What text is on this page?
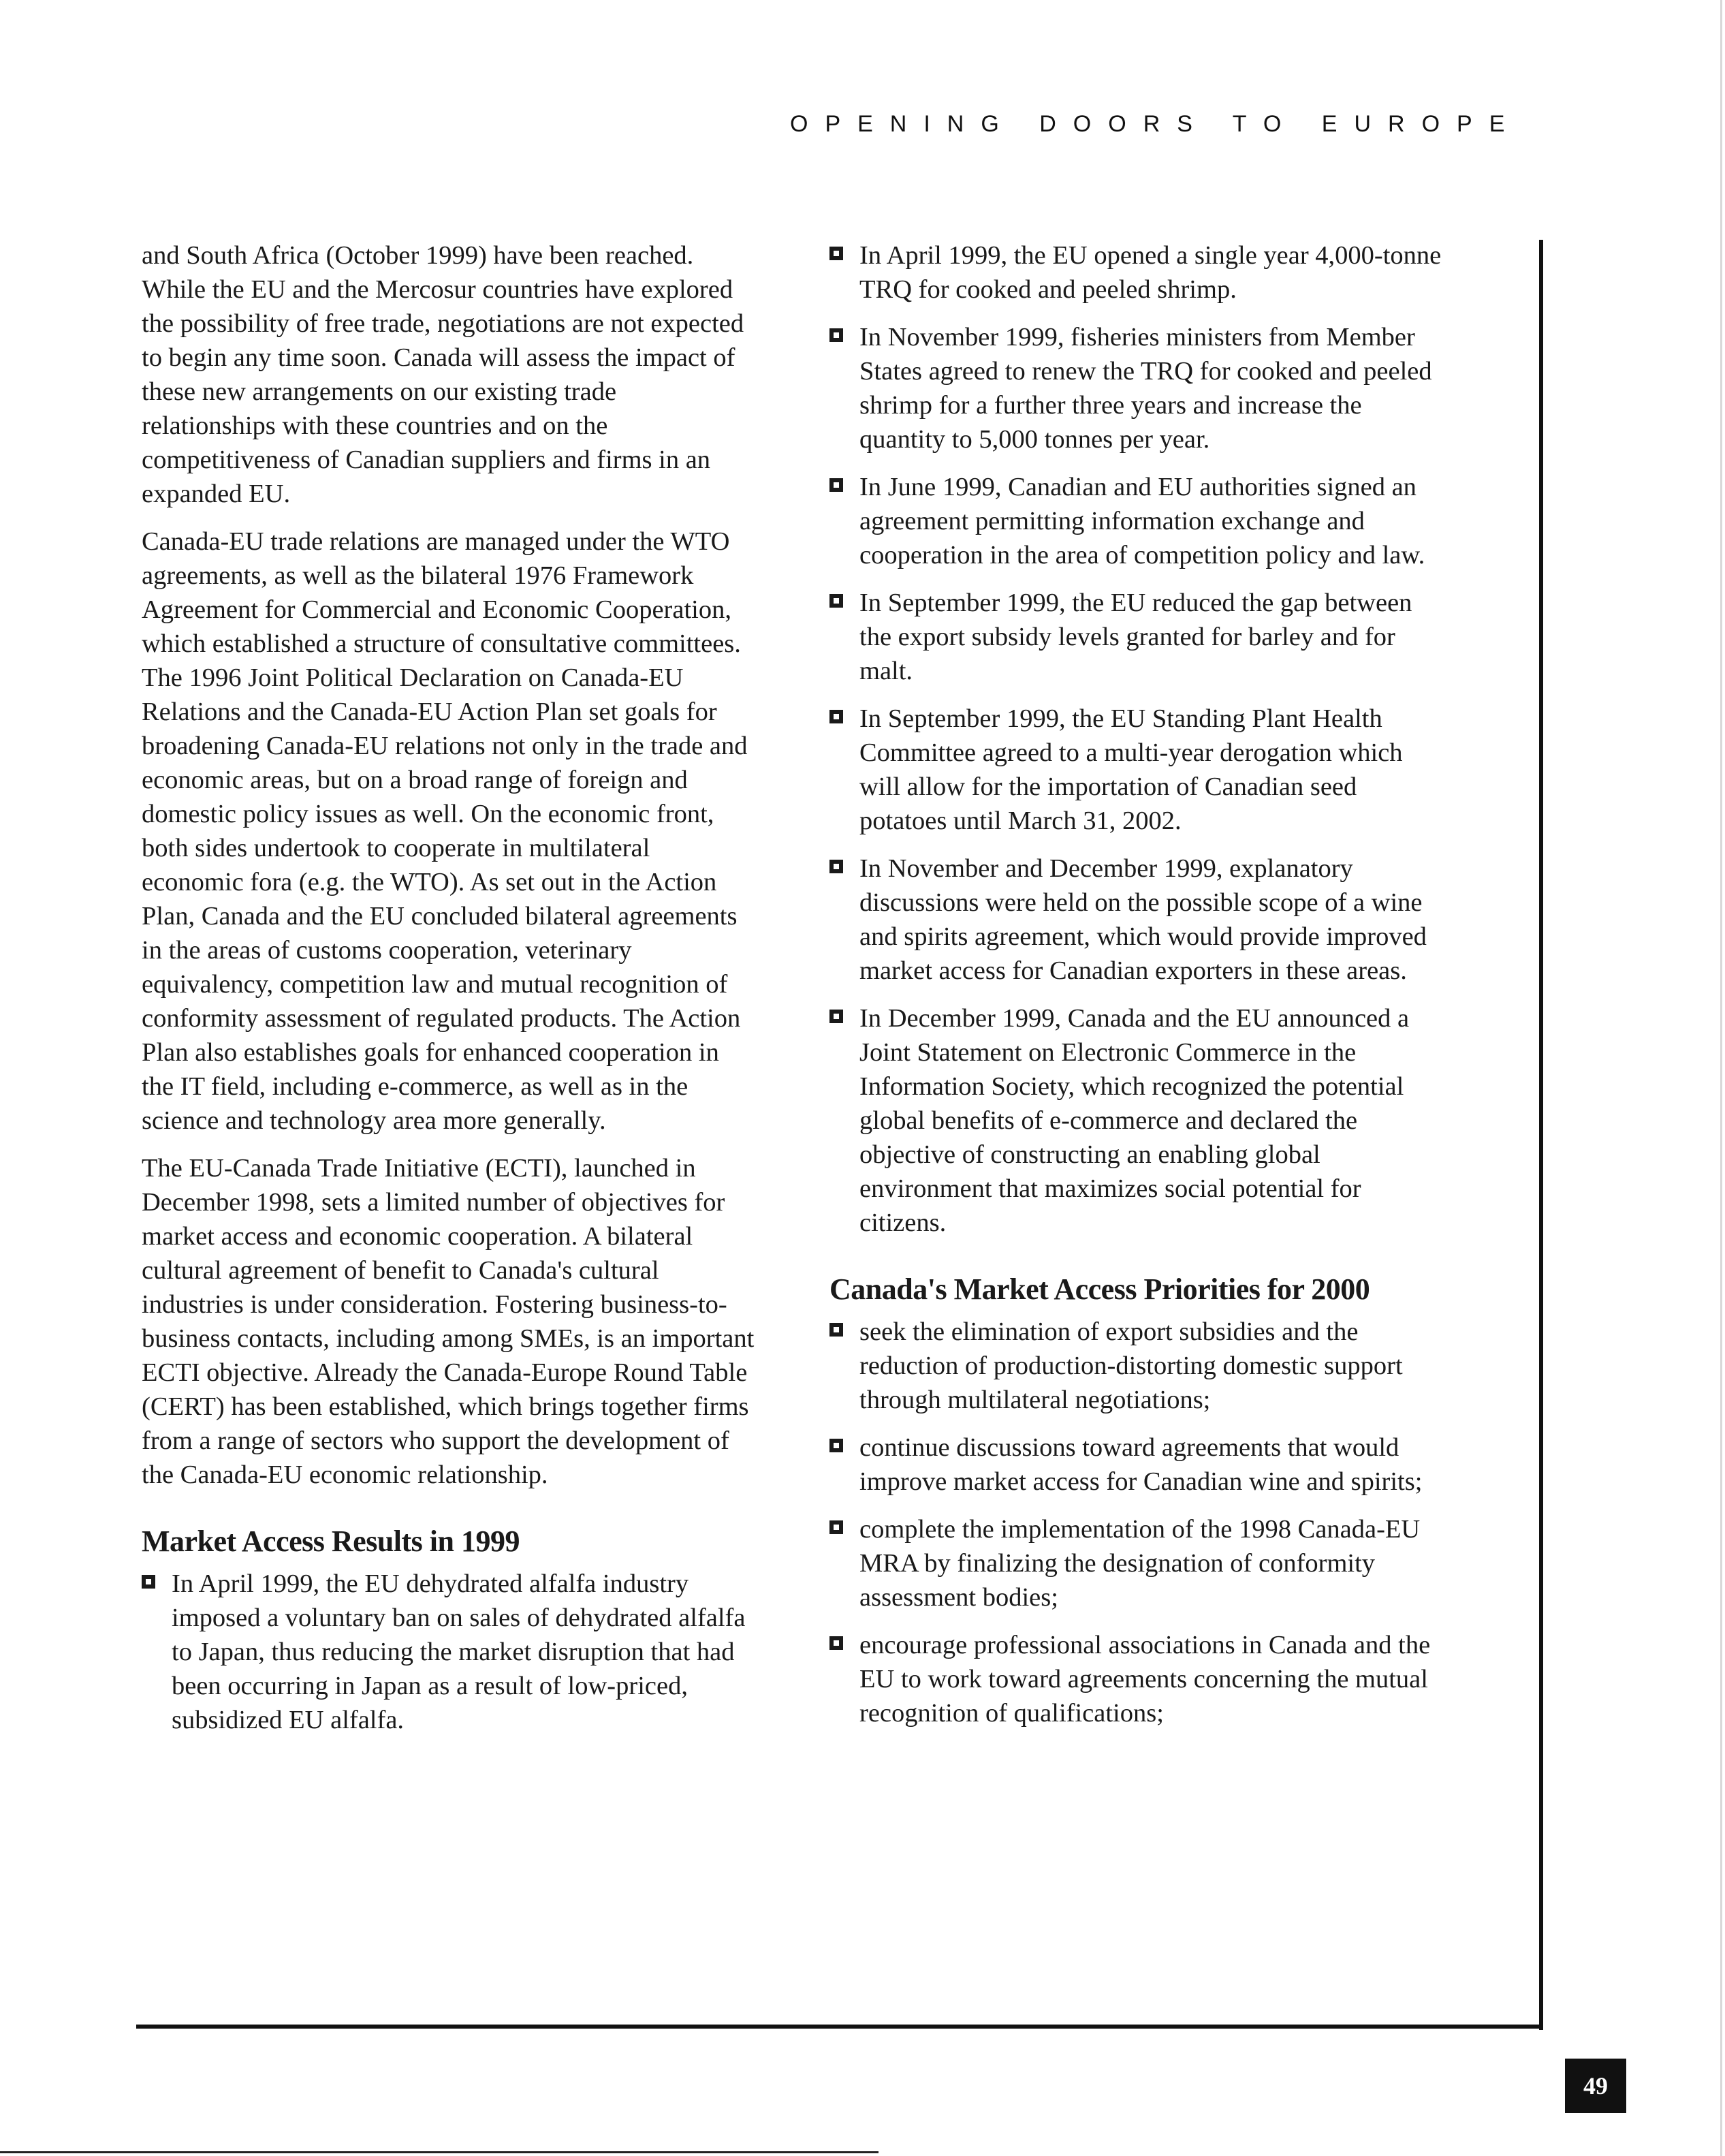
OPENING DOORS TO EUROPE

and South Africa (October 1999) have been reached. While the EU and the Mercosur countries have explored the possibility of free trade, negotiations are not expected to begin any time soon. Canada will assess the impact of these new arrangements on our existing trade relationships with these countries and on the competitiveness of Canadian suppliers and firms in an expanded EU.

Canada-EU trade relations are managed under the WTO agreements, as well as the bilateral 1976 Framework Agreement for Commercial and Economic Cooperation, which established a structure of consultative committees. The 1996 Joint Political Declaration on Canada-EU Relations and the Canada-EU Action Plan set goals for broadening Canada-EU relations not only in the trade and economic areas, but on a broad range of foreign and domestic policy issues as well. On the economic front, both sides undertook to cooperate in multilateral economic fora (e.g. the WTO). As set out in the Action Plan, Canada and the EU concluded bilateral agreements in the areas of customs cooperation, veterinary equivalency, competition law and mutual recognition of conformity assessment of regulated products. The Action Plan also establishes goals for enhanced cooperation in the IT field, including e-commerce, as well as in the science and technology area more generally.

The EU-Canada Trade Initiative (ECTI), launched in December 1998, sets a limited number of objectives for market access and economic cooperation. A bilateral cultural agreement of benefit to Canada's cultural industries is under consideration. Fostering business-to-business contacts, including among SMEs, is an important ECTI objective. Already the Canada-Europe Round Table (CERT) has been established, which brings together firms from a range of sectors who support the development of the Canada-EU economic relationship.

Market Access Results in 1999
In April 1999, the EU dehydrated alfalfa industry imposed a voluntary ban on sales of dehydrated alfalfa to Japan, thus reducing the market disruption that had been occurring in Japan as a result of low-priced, subsidized EU alfalfa.
In April 1999, the EU opened a single year 4,000-tonne TRQ for cooked and peeled shrimp.
In November 1999, fisheries ministers from Member States agreed to renew the TRQ for cooked and peeled shrimp for a further three years and increase the quantity to 5,000 tonnes per year.
In June 1999, Canadian and EU authorities signed an agreement permitting information exchange and cooperation in the area of competition policy and law.
In September 1999, the EU reduced the gap between the export subsidy levels granted for barley and for malt.
In September 1999, the EU Standing Plant Health Committee agreed to a multi-year derogation which will allow for the importation of Canadian seed potatoes until March 31, 2002.
In November and December 1999, explanatory discussions were held on the possible scope of a wine and spirits agreement, which would provide improved market access for Canadian exporters in these areas.
In December 1999, Canada and the EU announced a Joint Statement on Electronic Commerce in the Information Society, which recognized the potential global benefits of e-commerce and declared the objective of constructing an enabling global environment that maximizes social potential for citizens.
Canada's Market Access Priorities for 2000
seek the elimination of export subsidies and the reduction of production-distorting domestic support through multilateral negotiations;
continue discussions toward agreements that would improve market access for Canadian wine and spirits;
complete the implementation of the 1998 Canada-EU MRA by finalizing the designation of conformity assessment bodies;
encourage professional associations in Canada and the EU to work toward agreements concerning the mutual recognition of qualifications;
49
